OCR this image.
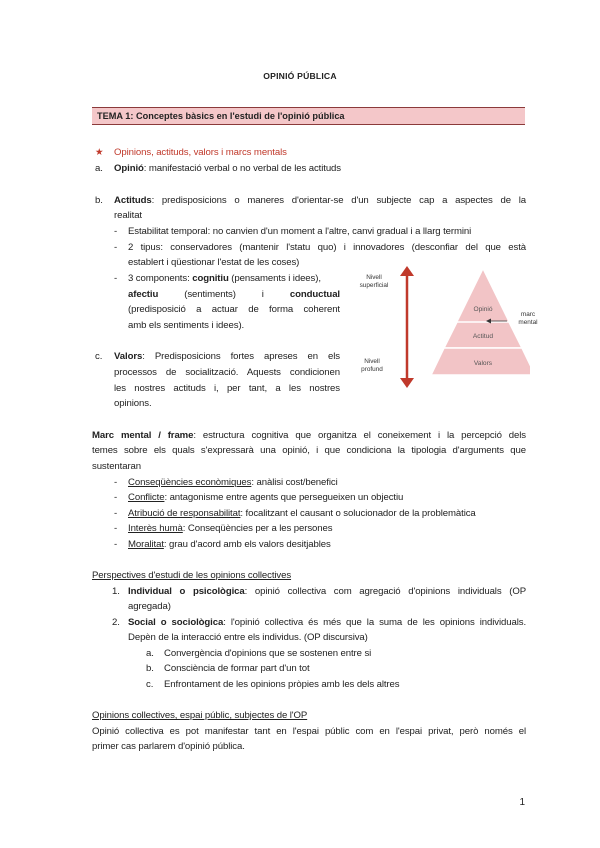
OPINIÓ PÚBLICA
TEMA 1: Conceptes bàsics en l'estudi de l'opinió pública
★ Opinions, actituds, valors i marcs mentals
a. Opinió: manifestació verbal o no verbal de les actituds
b. Actituds: predisposicions o maneres d'orientar-se d'un subjecte cap a aspectes de la
realitat
- Estabilitat temporal: no canvien d'un moment a l'altre, canvi gradual i a llarg termini
- 2 tipus: conservadores (mantenir l'statu quo) i innovadores (desconfiar del que està
establert i qüestionar l'estat de les coses)
- 3 components: cognitiu (pensaments i idees),
afectiu	(sentiments)	i	conductual
(predisposició a actuar de forma coherent
amb els sentiments i idees).
c. Valors: Predisposicions fortes apreses en els
processos de socialització. Aquests condicionen
les nostres actituds i, per tant, a les nostres
opinions.
Nivell
superficial
Nivell
profund
Opinió
Actitud
Valors
marc
mental
Marc mental / frame: estructura cognitiva que organitza el coneixement i la percepció dels
temes sobre els quals s'expressarà una opinió, i que condiciona la tipologia d'arguments que
sustentaran
- Conseqüències econòmiques: anàlisi cost/benefici
- Conflicte: antagonisme entre agents que persegueixen un objectiu
- Atribució de responsabilitat: focalitzant el causant o solucionador de la problemàtica
- Interès humà: Conseqüències per a les persones
- Moralitat: grau d'acord amb els valors desitjables
Perspectives d'estudi de les opinions collectives
1. Individual o psicològica: opinió collectiva com agregació d'opinions individuals (OP
agregada)
2. Social o sociològica: l'opinió collectiva és més que la suma de les opinions individuals.
Depèn de la interacció entre els individus. (OP discursiva)
a. Convergència d'opinions que se sostenen entre si
b. Consciència de formar part d'un tot
c. Enfrontament de les opinions pròpies amb les dels altres
Opinions collectives, espai públic, subjectes de l'OP
Opinió collectiva es pot manifestar tant en l'espai públic com en l'espai privat, però només el
primer cas parlarem d'opinió pública.
1
